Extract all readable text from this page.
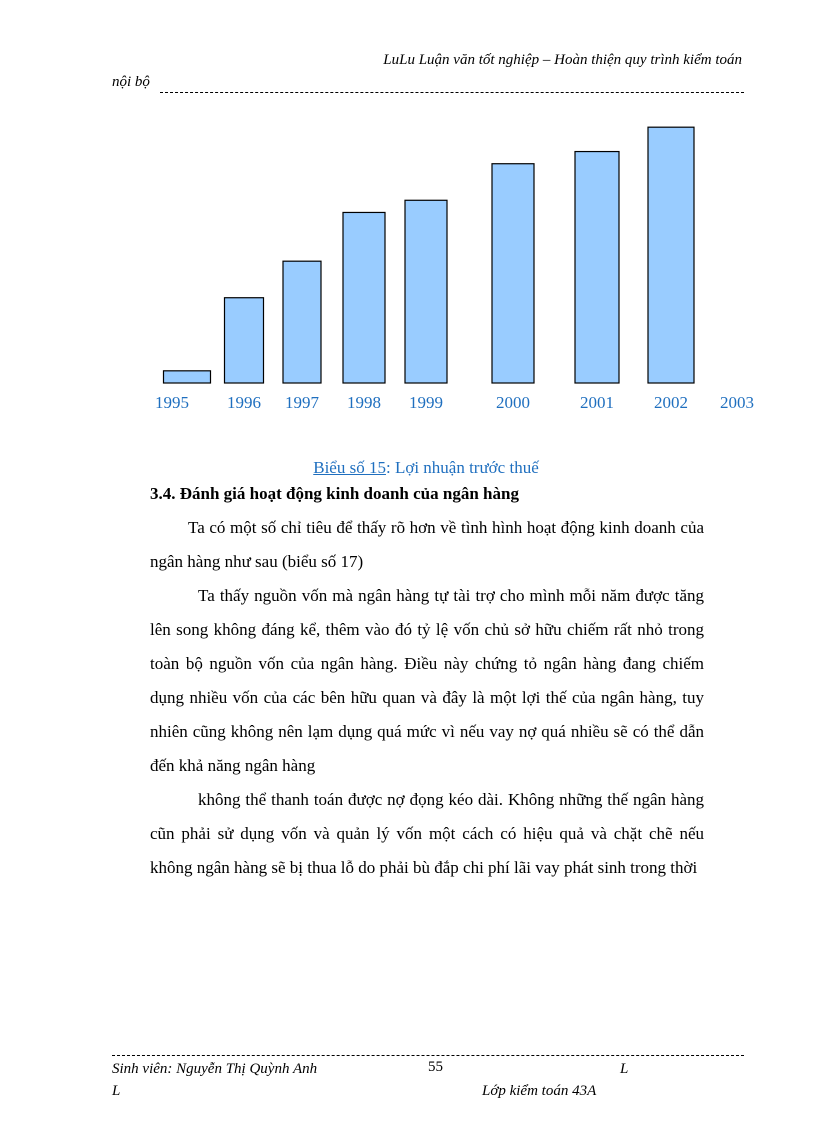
LuLu Luận văn tốt nghiệp – Hoàn thiện quy trình kiểm toán
nội bộ
1995 1996 1997 1998 1999	2000	2001 2002 2003
Biểu số 15: Lợi nhuận trước thuế
3.4. Đánh giá hoạt động kinh doanh của ngân hàng
Ta có một số chỉ tiêu để thấy rõ hơn về tình hình hoạt động kinh doanh của ngân hàng như sau (biểu số 17)
Ta thấy nguồn vốn mà ngân hàng tự tài trợ cho mình mỗi năm được tăng lên song không đáng kể, thêm vào đó tỷ lệ vốn chủ sở hữu chiếm rất nhỏ trong toàn bộ nguồn vốn của ngân hàng. Điều này chứng tỏ ngân hàng đang chiếm dụng nhiều vốn của các bên hữu quan và đây là một lợi thế của ngân hàng, tuy nhiên cũng không nên lạm dụng quá mức vì nếu vay nợ quá nhiều sẽ có thể dẫn đến khả năng ngân hàng
không thể thanh toán được nợ đọng kéo dài. Không những thế ngân hàng cũn phải sử dụng vốn và quản lý vốn một cách có hiệu quả và chặt chẽ nếu không ngân hàng sẽ bị thua lỗ do phải bù đắp chi phí lãi vay phát sinh trong thời
Sinh viên: Nguyễn Thị Quỳnh Anh	55	L
L	Lớp kiểm toán 43A
